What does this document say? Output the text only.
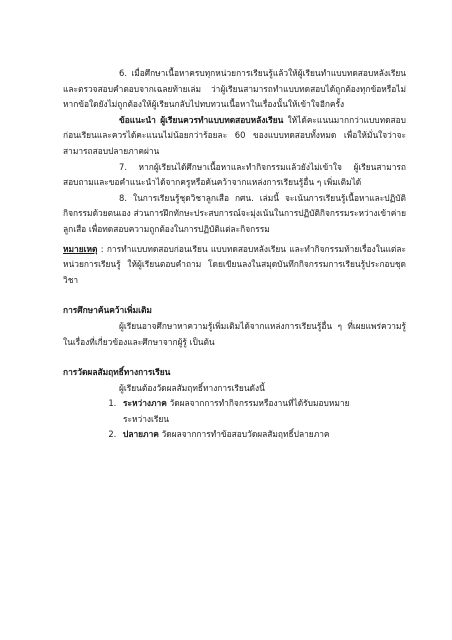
6. เมื่อศึกษาเนื้อหาครบทุกหน่วยการเรียนรู้แล้วให้ผู้เรียนทำแบบทดสอบหลังเรียน และตรวจสอบคำตอบจากเฉลยท้ายเล่ม ว่าผู้เรียนสามารถทำแบบทดสอบได้ถูกต้องทุกข้อหรือไม่หากข้อใดยังไม่ถูกต้องให้ผู้เรียนกลับไปทบทวนเนื้อหาในเรื่องนั้นให้เข้าใจอีกครั้ง

ข้อแนะนำ ผู้เรียนควรทำแบบทดสอบหลังเรียน ให้ได้คะแนนมากกว่าแบบทดสอบก่อนเรียนและควรได้คะแนนไม่น้อยกว่าร้อยละ 60 ของแบบทดสอบทั้งหมด เพื่อให้มั่นใจว่าจะสามารถสอบปลายภาคผ่าน

7. หากผู้เรียนได้ศึกษาเนื้อหาและทำกิจกรรมแล้วยังไม่เข้าใจ ผู้เรียนสามารถสอบถามและขอคำแนะนำได้จากครูหรือค้นคว้าจากแหล่งการเรียนรู้อื่น ๆ เพิ่มเติมได้

8. ในการเรียนรู้ชุดวิชาลูกเสือ กศน. เล่มนี้ จะเน้นการเรียนรู้เนื้อหาและปฏิบัติกิจกรรมด้วยตนเอง ส่วนการฝึกทักษะประสบการณ์จะมุ่งเน้นในการปฏิบัติกิจกรรมระหว่างเข้าค่ายลูกเสือ เพื่อทดสอบความถูกต้องในการปฏิบัติแต่ละกิจกรรม

หมายเหตุ : การทำแบบทดสอบก่อนเรียน แบบทดสอบหลังเรียน และทำกิจกรรมท้ายเรื่องในแต่ละหน่วยการเรียนรู้ ให้ผู้เรียนตอบคำถาม โดยเขียนลงในสมุดบันทึกกิจกรรมการเรียนรู้ประกอบชุดวิชา

การศึกษาค้นคว้าเพิ่มเติม

ผู้เรียนอาจศึกษาหาความรู้เพิ่มเติมได้จากแหล่งการเรียนรู้อื่น ๆ ที่เผยแพร่ความรู้ในเรื่องที่เกี่ยวข้องและศึกษาจากผู้รู้ เป็นต้น

การวัดผลสัมฤทธิ์ทางการเรียน

ผู้เรียนต้องวัดผลสัมฤทธิ์ทางการเรียนดังนี้

1. ระหว่างภาค วัดผลจากการทำกิจกรรมหรืองานที่ได้รับมอบหมาย
ระหว่างเรียน
2. ปลายภาค วัดผลจากการทำข้อสอบวัดผลสัมฤทธิ์ปลายภาค
